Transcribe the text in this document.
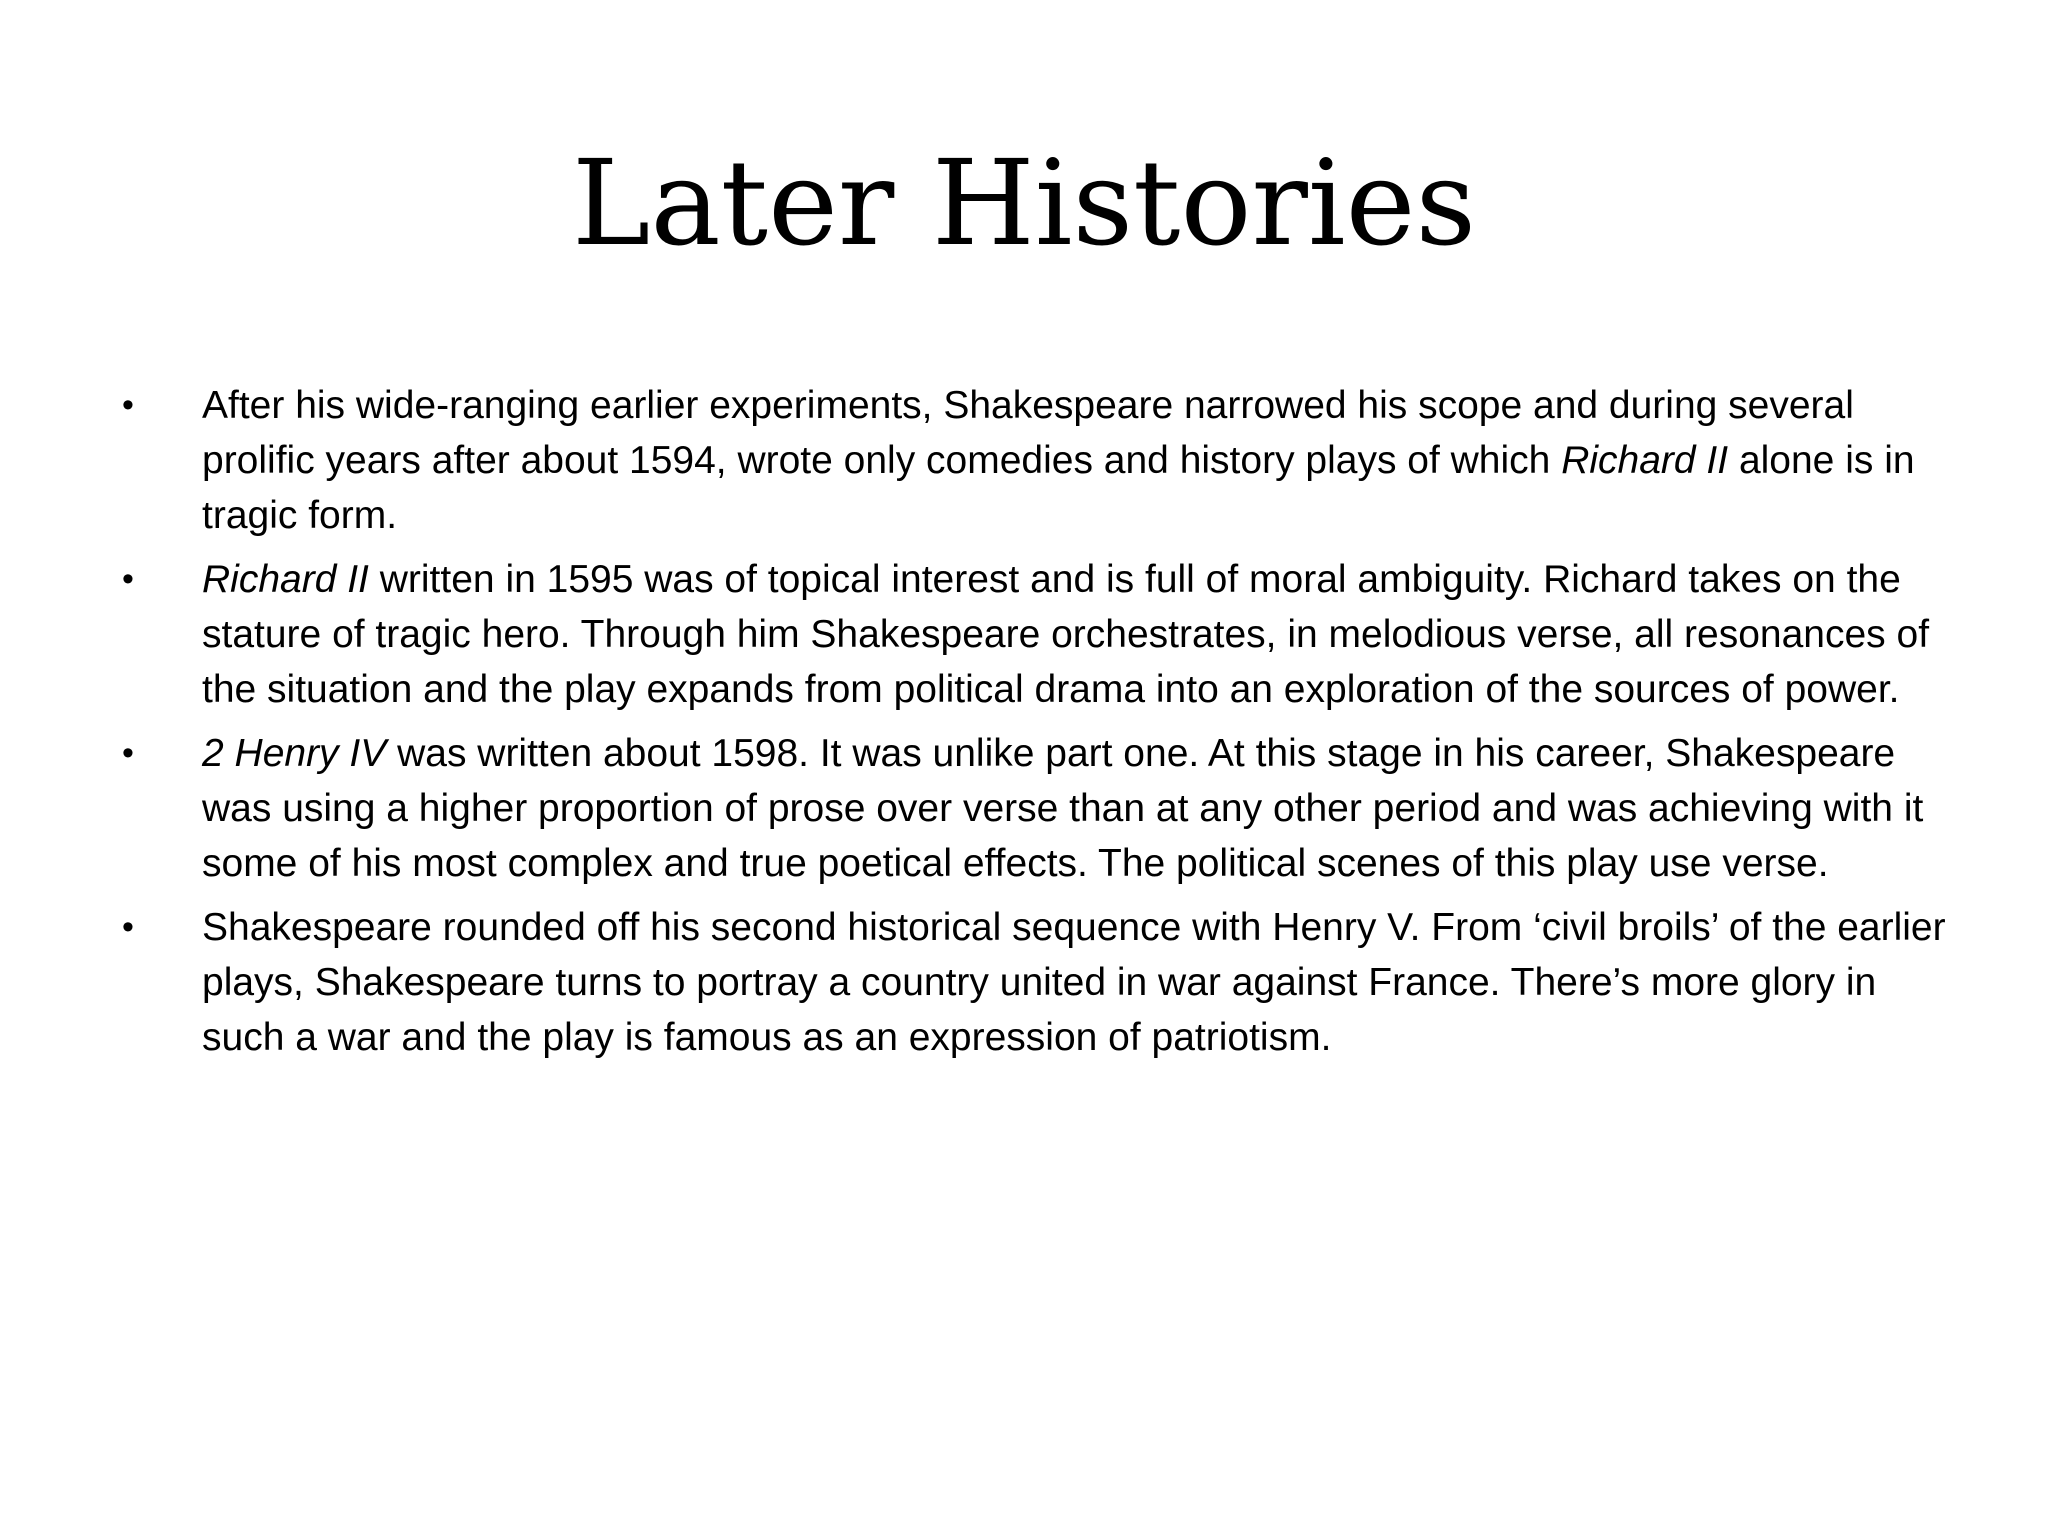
Later Histories
•	After his wide-ranging earlier experiments, Shakespeare narrowed his scope and during several prolific years after about 1594, wrote only comedies and history plays of which Richard II alone is in tragic form.
•	Richard II written in 1595 was of topical interest and is full of moral ambiguity. Richard takes on the stature of tragic hero. Through him Shakespeare orchestrates, in melodious verse, all resonances of the situation and the play expands from political drama into an exploration of the sources of power.
•	2 Henry IV was written about 1598. It was unlike part one. At this stage in his career, Shakespeare was using a higher proportion of prose over verse than at any other period and was achieving with it some of his most complex and true poetical effects. The political scenes of this play use verse.
•	Shakespeare rounded off his second historical sequence with Henry V. From ‘civil broils’ of the earlier plays, Shakespeare turns to portray a country united in war against France. There’s more glory in such a war and the play is famous as an expression of patriotism.
